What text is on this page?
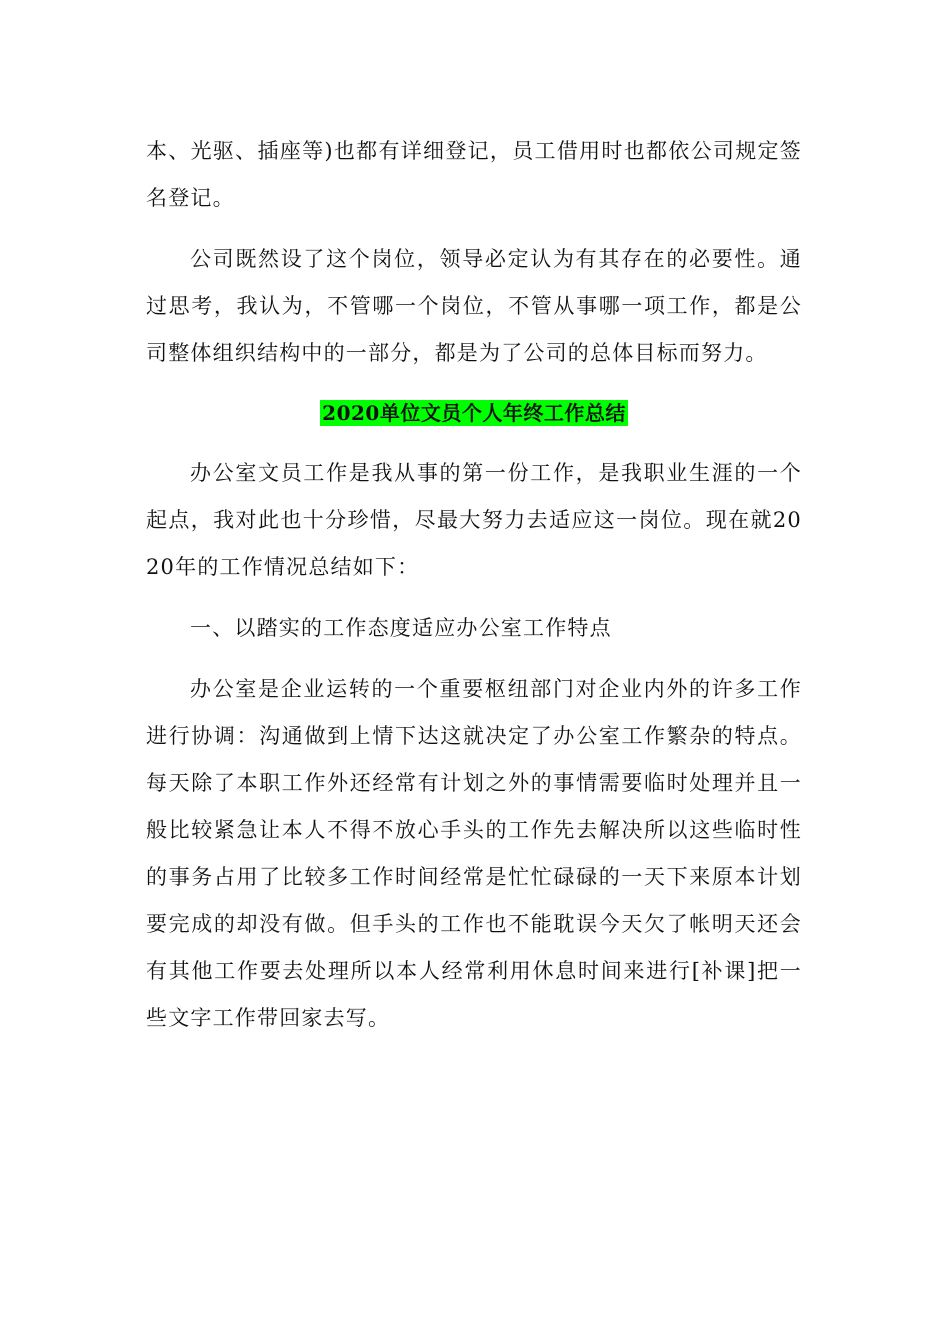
本、光驱、插座等)也都有详细登记，员工借用时也都依公司规定签名登记。

公司既然设了这个岗位，领导必定认为有其存在的必要性。通过思考，我认为，不管哪一个岗位，不管从事哪一项工作，都是公司整体组织结构中的一部分，都是为了公司的总体目标而努力。

2020单位文员个人年终工作总结

办公室文员工作是我从事的第一份工作，是我职业生涯的一个起点，我对此也十分珍惜，尽最大努力去适应这一岗位。现在就2020年的工作情况总结如下：

一、以踏实的工作态度适应办公室工作特点

办公室是企业运转的一个重要枢纽部门对企业内外的许多工作进行协调：沟通做到上情下达这就决定了办公室工作繁杂的特点。每天除了本职工作外还经常有计划之外的事情需要临时处理并且一般比较紧急让本人不得不放心手头的工作先去解决所以这些临时性的事务占用了比较多工作时间经常是忙忙碌碌的一天下来原本计划要完成的却没有做。但手头的工作也不能耽误今天欠了帐明天还会有其他工作要去处理所以本人经常利用休息时间来进行[补课]把一些文字工作带回家去写。
